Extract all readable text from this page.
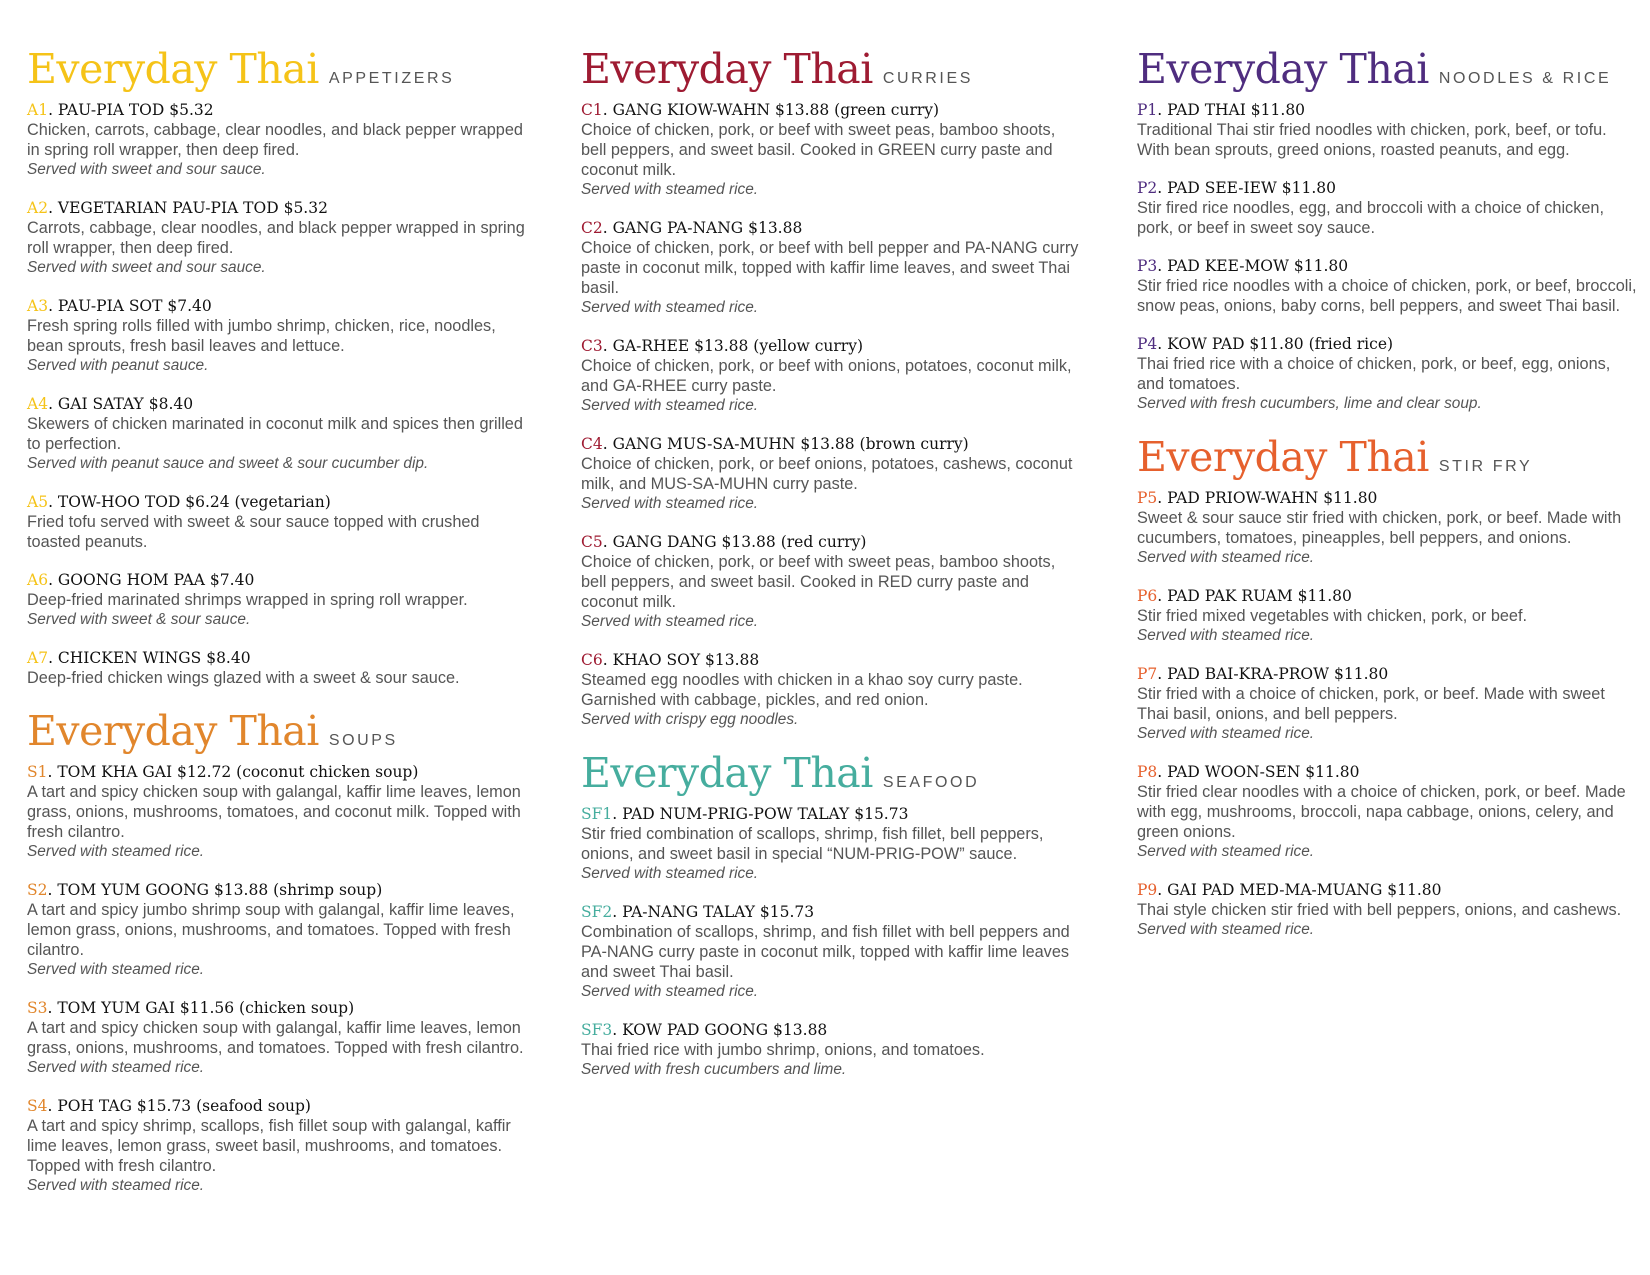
Everyday Thai APPETIZERS
A1. PAU-PIA TOD $5.32
Chicken, carrots, cabbage, clear noodles, and black pepper wrapped in spring roll wrapper, then deep fired.
Served with sweet and sour sauce.
A2. VEGETARIAN PAU-PIA TOD $5.32
Carrots, cabbage, clear noodles, and black pepper wrapped in spring roll wrapper, then deep fired.
Served with sweet and sour sauce.
A3. PAU-PIA SOT $7.40
Fresh spring rolls filled with jumbo shrimp, chicken, rice, noodles, bean sprouts, fresh basil leaves and lettuce.
Served with peanut sauce.
A4. GAI SATAY $8.40
Skewers of chicken marinated in coconut milk and spices then grilled to perfection.
Served with peanut sauce and sweet & sour cucumber dip.
A5. TOW-HOO TOD $6.24 (vegetarian)
Fried tofu served with sweet & sour sauce topped with crushed toasted peanuts.
A6. GOONG HOM PAA $7.40
Deep-fried marinated shrimps wrapped in spring roll wrapper.
Served with sweet & sour sauce.
A7. CHICKEN WINGS $8.40
Deep-fried chicken wings glazed with a sweet & sour sauce.
Everyday Thai SOUPS
S1. TOM KHA GAI $12.72 (coconut chicken soup)
A tart and spicy chicken soup with galangal, kaffir lime leaves, lemon grass, onions, mushrooms, tomatoes, and coconut milk. Topped with fresh cilantro.
Served with steamed rice.
S2. TOM YUM GOONG $13.88 (shrimp soup)
A tart and spicy jumbo shrimp soup with galangal, kaffir lime leaves, lemon grass, onions, mushrooms, and tomatoes. Topped with fresh cilantro.
Served with steamed rice.
S3. TOM YUM GAI $11.56 (chicken soup)
A tart and spicy chicken soup with galangal, kaffir lime leaves, lemon grass, onions, mushrooms, and tomatoes. Topped with fresh cilantro.
Served with steamed rice.
S4. POH TAG $15.73 (seafood soup)
A tart and spicy shrimp, scallops, fish fillet soup with galangal, kaffir lime leaves, lemon grass, sweet basil, mushrooms, and tomatoes. Topped with fresh cilantro.
Served with steamed rice.
Everyday Thai CURRIES
C1. GANG KIOW-WAHN $13.88 (green curry)
Choice of chicken, pork, or beef with sweet peas, bamboo shoots, bell peppers, and sweet basil. Cooked in GREEN curry paste and coconut milk.
Served with steamed rice.
C2. GANG PA-NANG $13.88
Choice of chicken, pork, or beef with bell pepper and PA-NANG curry paste in coconut milk, topped with kaffir lime leaves, and sweet Thai basil.
Served with steamed rice.
C3. GA-RHEE $13.88 (yellow curry)
Choice of chicken, pork, or beef with onions, potatoes, coconut milk, and GA-RHEE curry paste.
Served with steamed rice.
C4. GANG MUS-SA-MUHN $13.88 (brown curry)
Choice of chicken, pork, or beef onions, potatoes, cashews, coconut milk, and MUS-SA-MUHN curry paste.
Served with steamed rice.
C5. GANG DANG $13.88 (red curry)
Choice of chicken, pork, or beef with sweet peas, bamboo shoots, bell peppers, and sweet basil. Cooked in RED curry paste and coconut milk.
Served with steamed rice.
C6. KHAO SOY $13.88
Steamed egg noodles with chicken in a khao soy curry paste. Garnished with cabbage, pickles, and red onion.
Served with crispy egg noodles.
Everyday Thai SEAFOOD
SF1. PAD NUM-PRIG-POW TALAY $15.73
Stir fried combination of scallops, shrimp, fish fillet, bell peppers, onions, and sweet basil in special “NUM-PRIG-POW” sauce.
Served with steamed rice.
SF2. PA-NANG TALAY $15.73
Combination of scallops, shrimp, and fish fillet with bell peppers and PA-NANG curry paste in coconut milk, topped with kaffir lime leaves and sweet Thai basil.
Served with steamed rice.
SF3. KOW PAD GOONG $13.88
Thai fried rice with jumbo shrimp, onions, and tomatoes.
Served with fresh cucumbers and lime.
Everyday Thai NOODLES & RICE
P1. PAD THAI $11.80
Traditional Thai stir fried noodles with chicken, pork, beef, or tofu. With bean sprouts, greed onions, roasted peanuts, and egg.
P2. PAD SEE-IEW $11.80
Stir fired rice noodles, egg, and broccoli with a choice of chicken, pork, or beef in sweet soy sauce.
P3. PAD KEE-MOW $11.80
Stir fried rice noodles with a choice of chicken, pork, or beef, broccoli, snow peas, onions, baby corns, bell peppers, and sweet Thai basil.
P4. KOW PAD $11.80 (fried rice)
Thai fried rice with a choice of chicken, pork, or beef, egg, onions, and tomatoes.
Served with fresh cucumbers, lime and clear soup.
Everyday Thai STIR FRY
P5. PAD PRIOW-WAHN $11.80
Sweet & sour sauce stir fried with chicken, pork, or beef. Made with cucumbers, tomatoes, pineapples, bell peppers, and onions.
Served with steamed rice.
P6. PAD PAK RUAM $11.80
Stir fried mixed vegetables with chicken, pork, or beef.
Served with steamed rice.
P7. PAD BAI-KRA-PROW $11.80
Stir fried with a choice of chicken, pork, or beef. Made with sweet Thai basil, onions, and bell peppers.
Served with steamed rice.
P8. PAD WOON-SEN $11.80
Stir fried clear noodles with a choice of chicken, pork, or beef. Made with egg, mushrooms, broccoli, napa cabbage, onions, celery, and green onions.
Served with steamed rice.
P9. GAI PAD MED-MA-MUANG $11.80
Thai style chicken stir fried with bell peppers, onions, and cashews.
Served with steamed rice.
